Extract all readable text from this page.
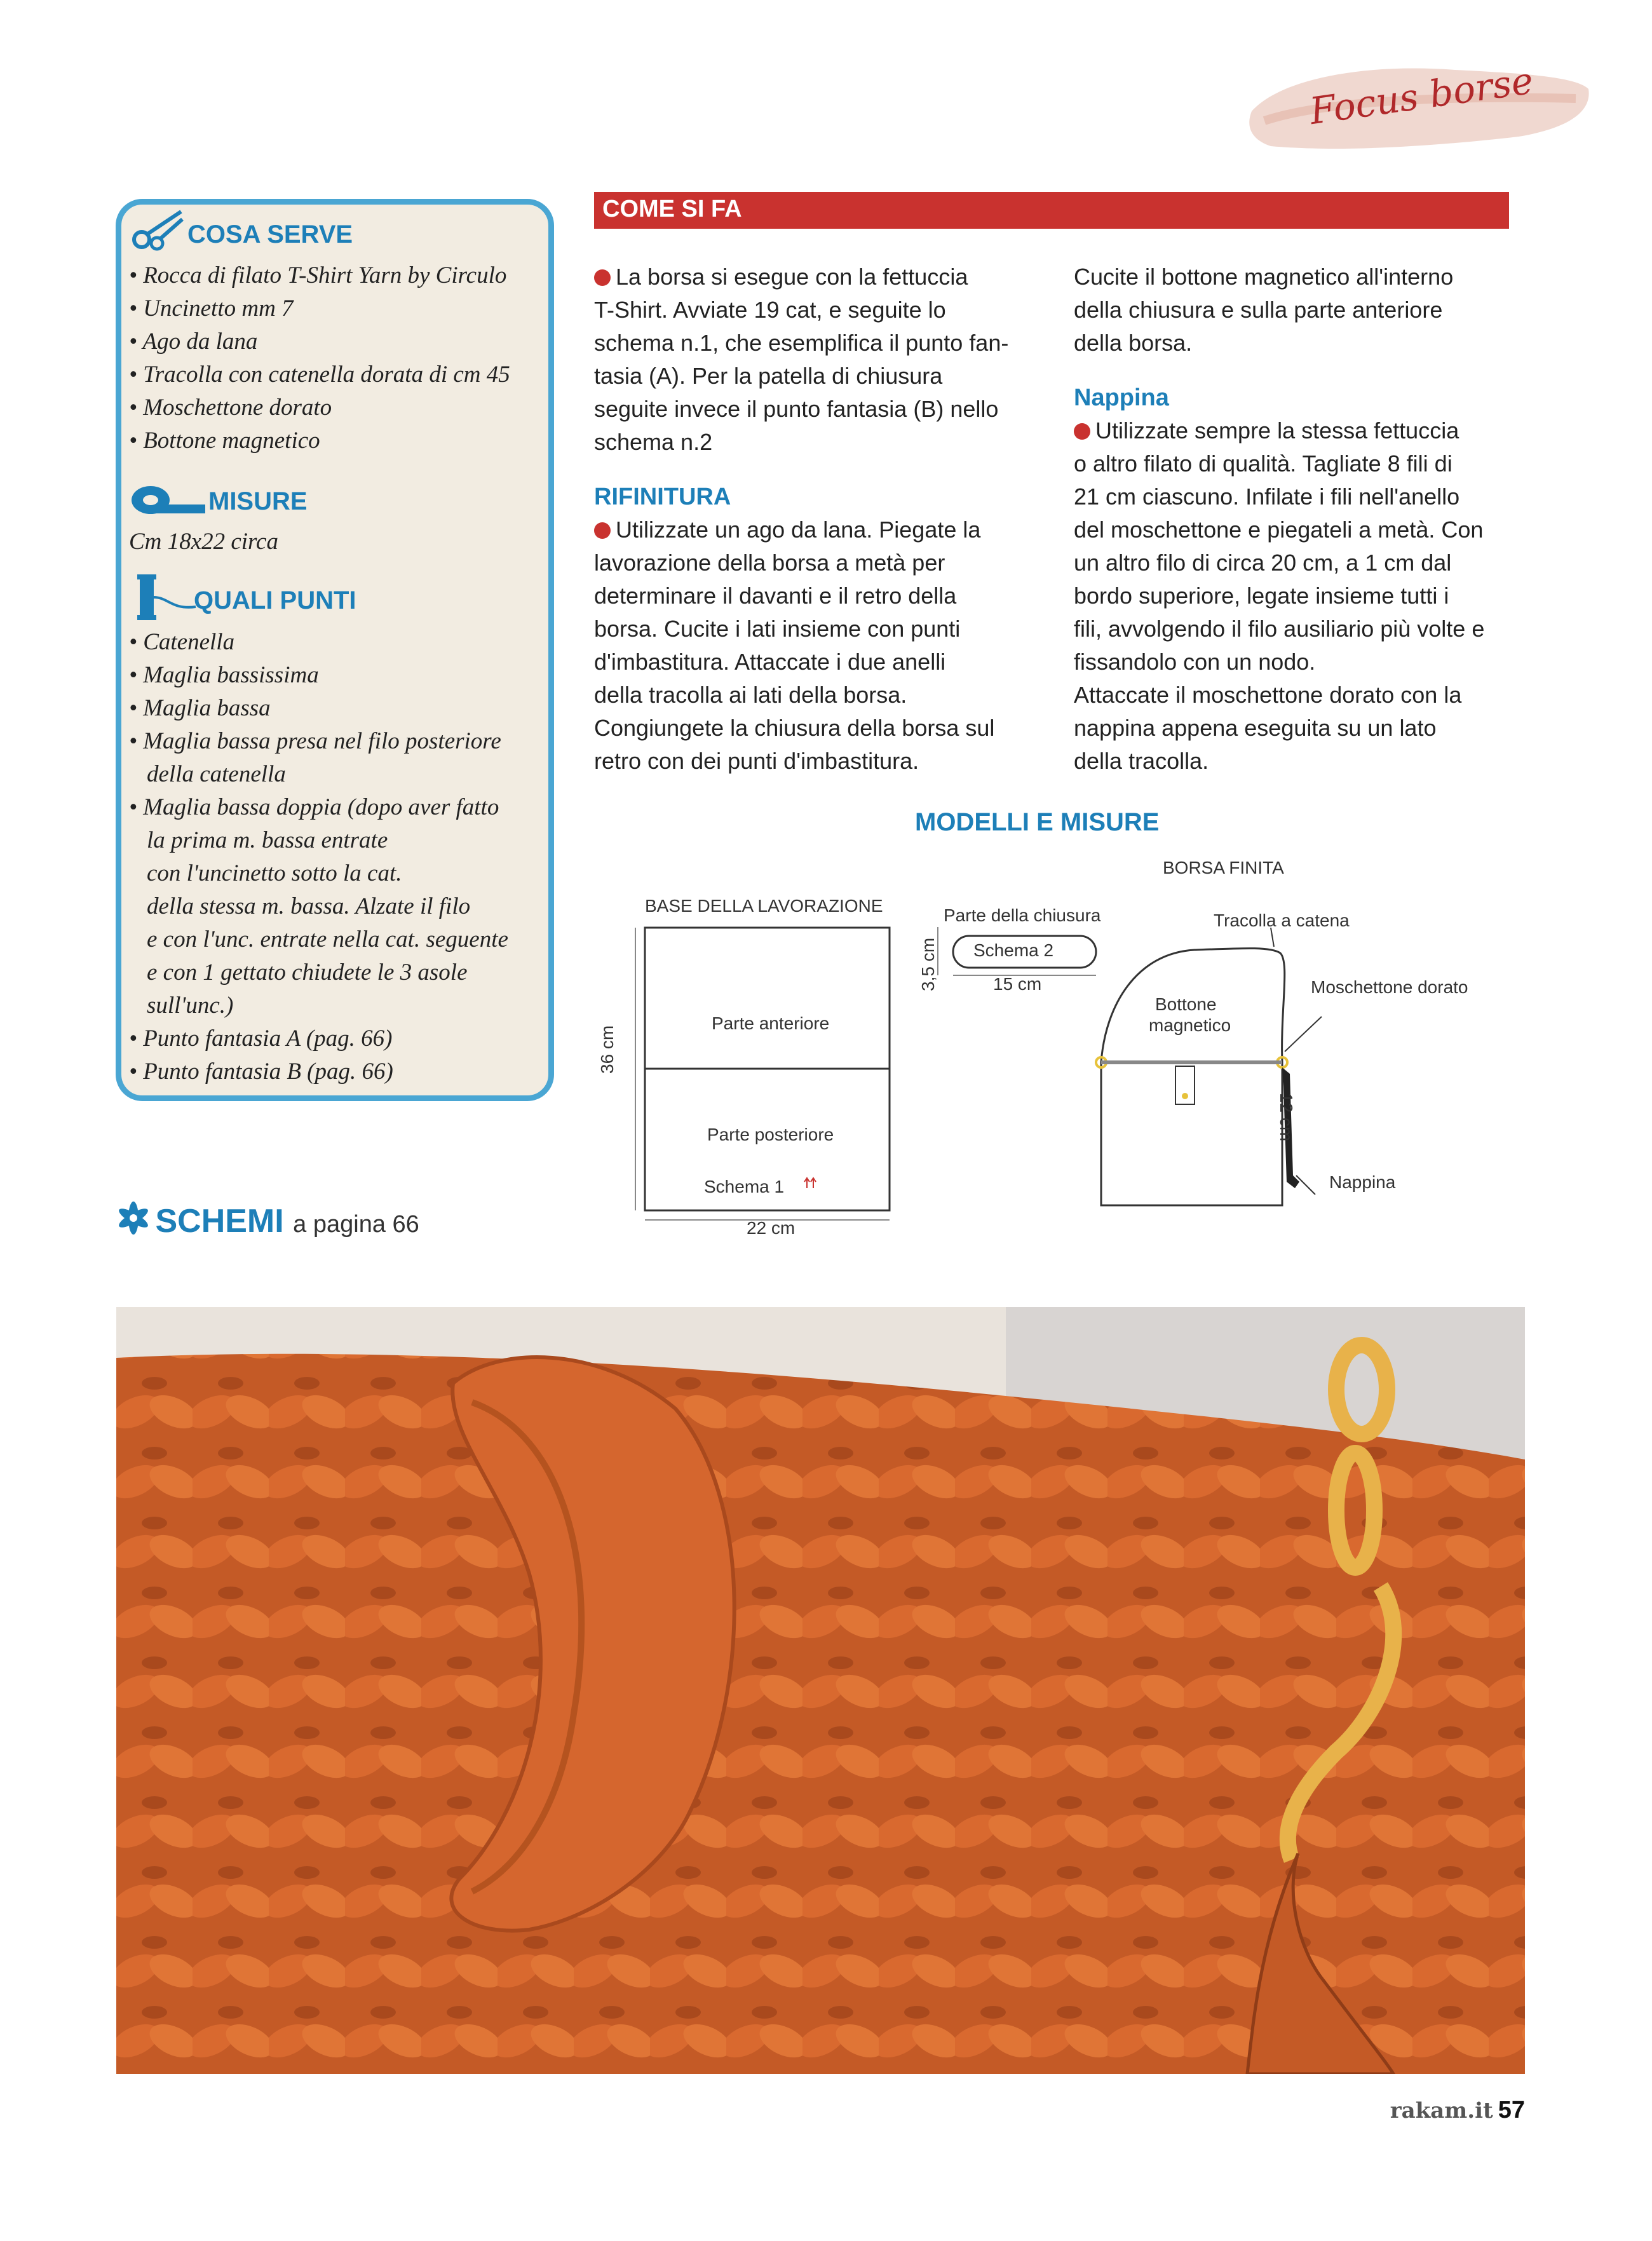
Focus borse
COSA SERVE
• Rocca di filato T-Shirt Yarn by Circulo
• Uncinetto mm 7
• Ago da lana
• Tracolla con catenella dorata di cm 45
• Moschettone dorato
• Bottone magnetico
MISURE
Cm 18x22 circa
QUALI PUNTI
• Catenella
• Maglia bassissima
• Maglia bassa
• Maglia bassa presa nel filo posteriore
della catenella
• Maglia bassa doppia (dopo aver fatto
la prima m. bassa entrate
con l'uncinetto sotto la cat.
della stessa m. bassa. Alzate il filo
e con l'unc. entrate nella cat. seguente
e con 1 gettato chiudete le 3 asole
sull'unc.)
• Punto fantasia A (pag. 66)
• Punto fantasia B (pag. 66)
COME SI FA
La borsa si esegue con la fettuccia
T-Shirt. Avviate 19 cat, e seguite lo
schema n.1, che esemplifica il punto fan-
tasia (A). Per la patella di chiusura
seguite invece il punto fantasia (B) nello
schema n.2
RIFINITURA
Utilizzate un ago da lana. Piegate la
lavorazione della borsa a metà per
determinare il davanti e il retro della
borsa. Cucite i lati insieme con punti
d'imbastitura. Attaccate i due anelli
della tracolla ai lati della borsa.
Congiungete la chiusura della borsa sul
retro con dei punti d'imbastitura.
Cucite il bottone magnetico all'interno
della chiusura e sulla parte anteriore
della borsa.
Nappina
Utilizzate sempre la stessa fettuccia
o altro filato di qualità. Tagliate 8 fili di
21 cm ciascuno. Infilate i fili nell'anello
del moschettone e piegateli a metà. Con
un altro filo di circa 20 cm, a 1 cm dal
bordo superiore, legate insieme tutti i
fili, avvolgendo il filo ausiliario più volte e
fissandolo con un nodo.
Attaccate il moschettone dorato con la
nappina appena eseguita su un lato
della tracolla.
MODELLI E MISURE
BASE DELLA LAVORAZIONE
Parte anteriore
Parte posteriore
Schema 1
36 cm
22 cm
Parte della chiusura
Schema 2
3,5 cm	15 cm
BORSA FINITA
Tracolla a catena
Moschettone dorato
Bottone
magnetico
12 cm
Nappina
SCHEMI a pagina 66
rakam.it 57
